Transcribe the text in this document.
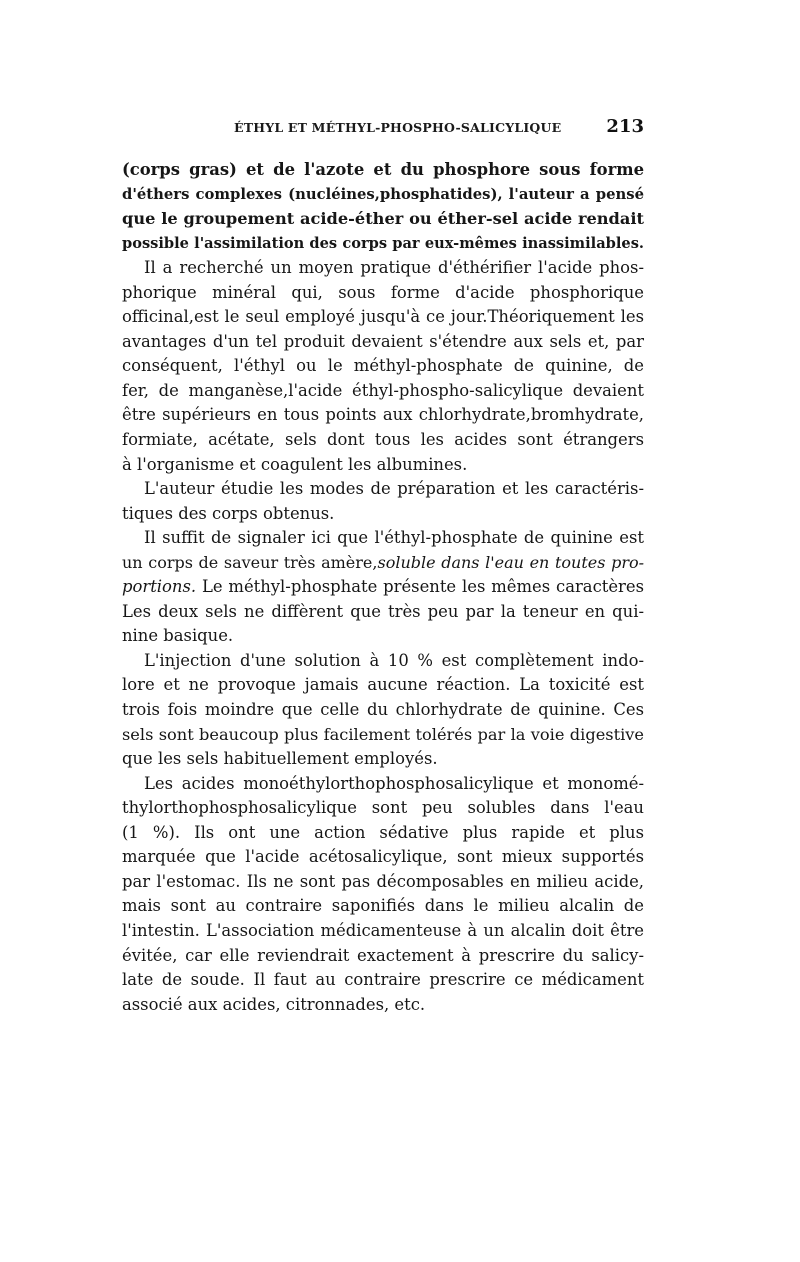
ÉTHYL ET MÉTHYL-PHOSPHO-SALICYLIQUE	213
(corps gras) et de l'azote et du phosphore sous forme
d'éthers complexes (nucléines,phosphatides), l'auteur a pensé
que le groupement acide-éther ou éther-sel acide rendait
possible l'assimilation des corps par eux-mêmes inassimilables.
Il a recherché un moyen pratique d'éthérifier l'acide phos-
phorique minéral qui, sous forme d'acide phosphorique
officinal,est le seul employé jusqu'à ce jour.Théoriquement les
avantages d'un tel produit devaient s'étendre aux sels et, par
conséquent, l'éthyl ou le méthyl-phosphate de quinine, de
fer, de manganèse,l'acide éthyl-phospho-salicylique devaient
être supérieurs en tous points aux chlorhydrate,bromhydrate,
formiate, acétate, sels dont tous les acides sont étrangers
à l'organisme et coagulent les albumines.
L'auteur étudie les modes de préparation et les caractéris-
tiques des corps obtenus.
Il suffit de signaler ici que l'éthyl-phosphate de quinine est
un corps de saveur très amère,soluble dans l'eau en toutes pro-
portions. Le méthyl-phosphate présente les mêmes caractères
Les deux sels ne diffèrent que très peu par la teneur en qui-
nine basique.
L'injection d'une solution à 10 % est complètement indo-
lore et ne provoque jamais aucune réaction. La toxicité est
trois fois moindre que celle du chlorhydrate de quinine. Ces
sels sont beaucoup plus facilement tolérés par la voie digestive
que les sels habituellement employés.
Les acides monoéthylorthophosphosalicylique et monomé-
thylorthophosphosalicylique sont peu solubles dans l'eau
(1 %). Ils ont une action sédative plus rapide et plus
marquée que l'acide acétosalicylique, sont mieux supportés
par l'estomac. Ils ne sont pas décomposables en milieu acide,
mais sont au contraire saponifiés dans le milieu alcalin de
l'intestin. L'association médicamenteuse à un alcalin doit être
évitée, car elle reviendrait exactement à prescrire du salicy-
late de soude. Il faut au contraire prescrire ce médicament
associé aux acides, citronnades, etc.
